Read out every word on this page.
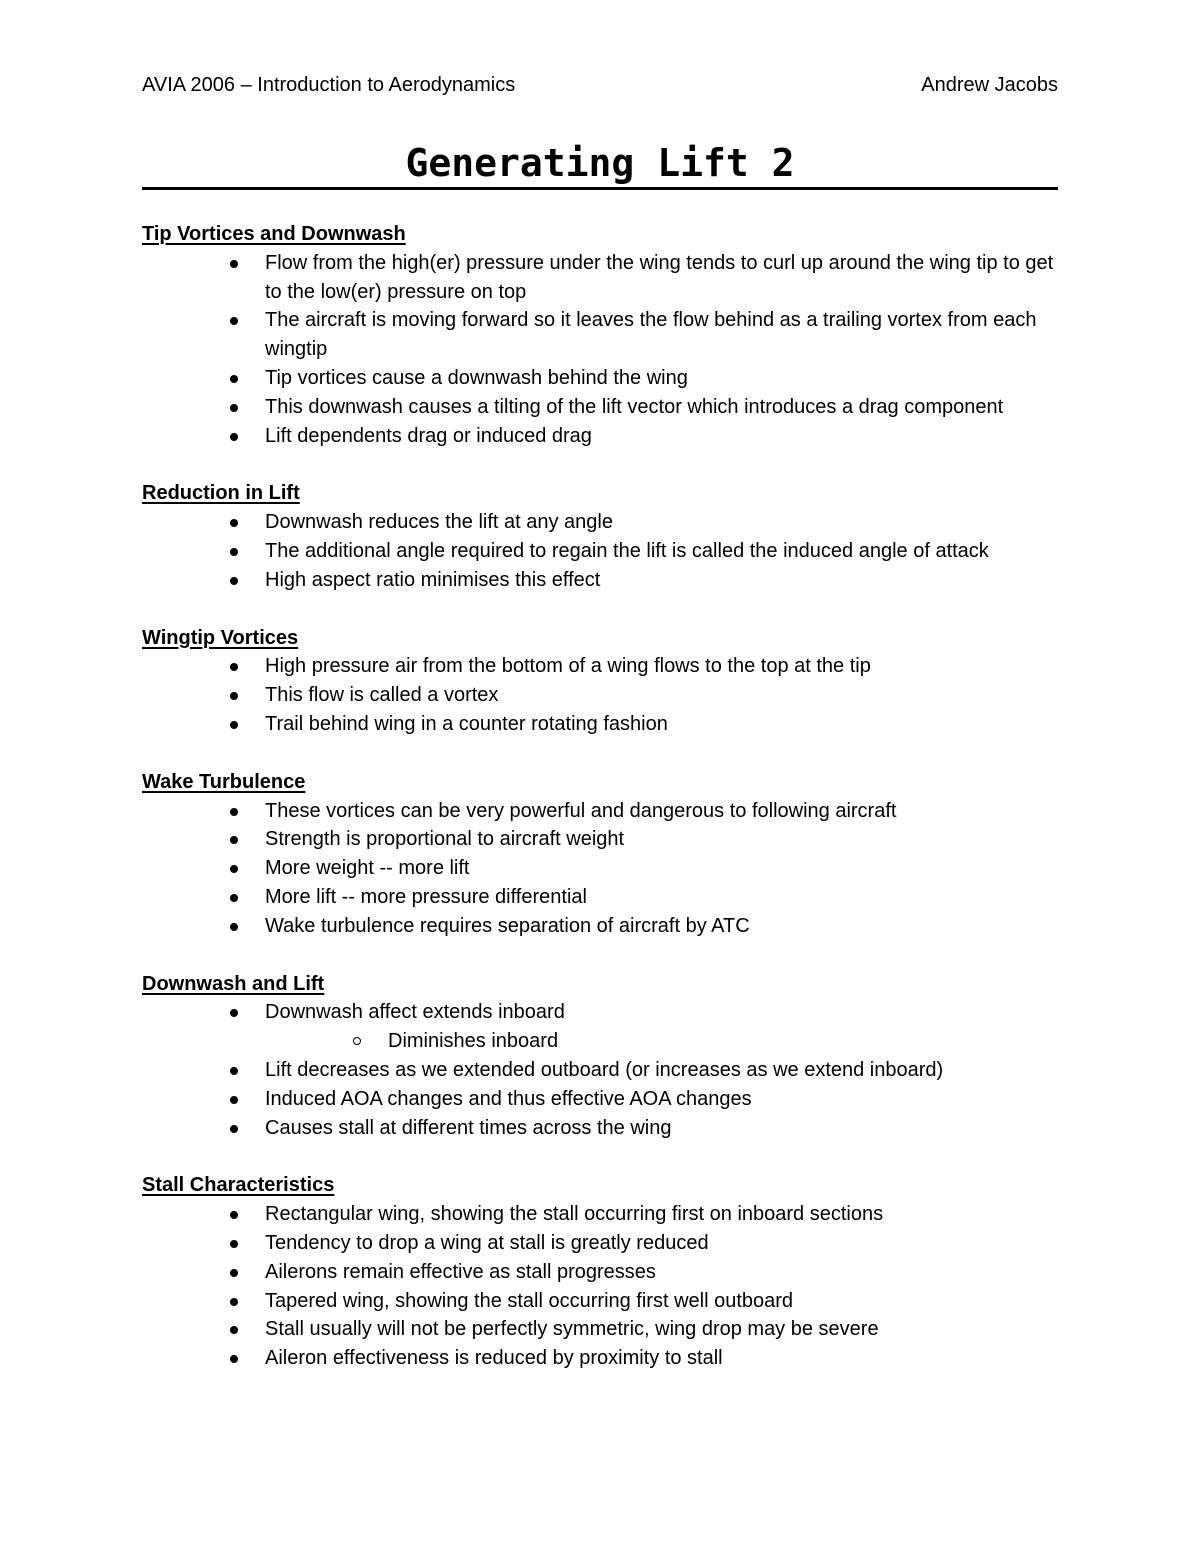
AVIA 2006 – Introduction to Aerodynamics	Andrew Jacobs
Generating Lift 2

Tip Vortices and Downwash

Flow from the high(er) pressure under the wing tends to curl up around the wing tip to get to the low(er) pressure on top
The aircraft is moving forward so it leaves the flow behind as a trailing vortex from each wingtip
Tip vortices cause a downwash behind the wing
This downwash causes a tilting of the lift vector which introduces a drag component
Lift dependents drag or induced drag

Reduction in Lift

Downwash reduces the lift at any angle
The additional angle required to regain the lift is called the induced angle of attack
High aspect ratio minimises this effect

Wingtip Vortices

High pressure air from the bottom of a wing flows to the top at the tip
This flow is called a vortex
Trail behind wing in a counter rotating fashion

Wake Turbulence

These vortices can be very powerful and dangerous to following aircraft
Strength is proportional to aircraft weight
More weight -- more lift
More lift -- more pressure differential
Wake turbulence requires separation of aircraft by ATC

Downwash and Lift

Downwash affect extends inboard
Diminishes inboard
Lift decreases as we extended outboard (or increases as we extend inboard)
Induced AOA changes and thus effective AOA changes
Causes stall at different times across the wing

Stall Characteristics

Rectangular wing, showing the stall occurring first on inboard sections
Tendency to drop a wing at stall is greatly reduced
Ailerons remain effective as stall progresses
Tapered wing, showing the stall occurring first well outboard
Stall usually will not be perfectly symmetric, wing drop may be severe
Aileron effectiveness is reduced by proximity to stall
